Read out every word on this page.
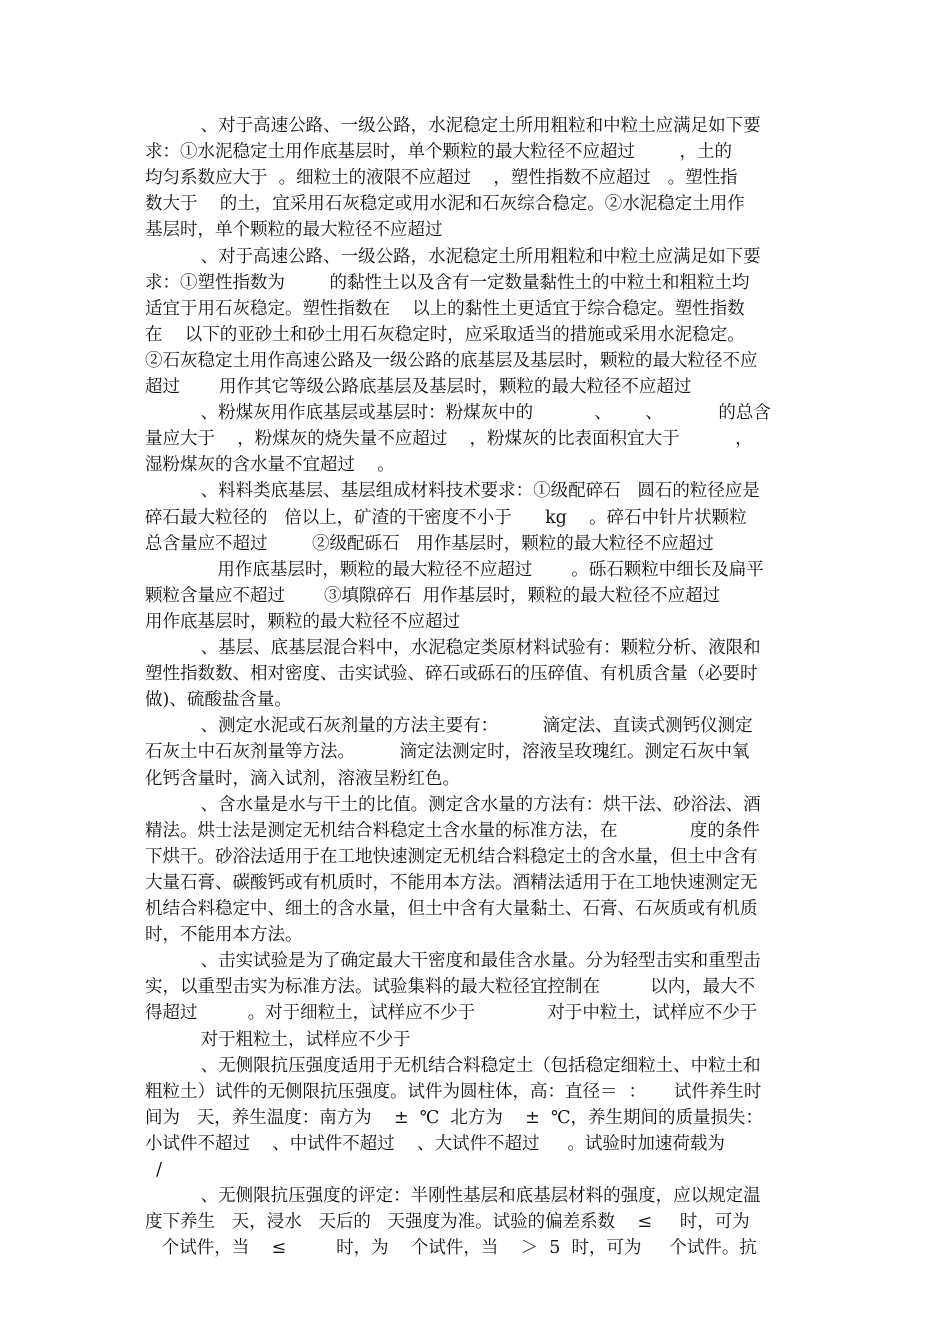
、对于高速公路、一级公路，水泥稳定土所用粗粒和中粒土应满足如下要
求：①水泥稳定土用作底基层时，单个颗粒的最大粒径不应超过        ，土的
均匀系数应大于  。细粒土的液限不应超过    ，塑性指数不应超过   。塑性指
数大于    的土，宜采用石灰稳定或用水泥和石灰综合稳定。②水泥稳定土用作
基层时，单个颗粒的最大粒径不应超过
、对于高速公路、一级公路，水泥稳定土所用粗粒和中粒土应满足如下要
求：①塑性指数为        的黏性土以及含有一定数量黏性土的中粒土和粗粒土均
适宜于用石灰稳定。塑性指数在    以上的黏性土更适宜于综合稳定。塑性指数
在    以下的亚砂土和砂土用石灰稳定时，应采取适当的措施或采用水泥稳定。
②石灰稳定土用作高速公路及一级公路的底基层及基层时，颗粒的最大粒径不应
超过       用作其它等级公路底基层及基层时，颗粒的最大粒径不应超过
、粉煤灰用作底基层或基层时：粉煤灰中的           、      、          的总含
量应大于    ，粉煤灰的烧失量不应超过    ，粉煤灰的比表面积宜大于          ，
湿粉煤灰的含水量不宜超过    。
、料料类底基层、基层组成材料技术要求：①级配碎石   圆石的粒径应是
碎石最大粒径的   倍以上，矿渣的干密度不小于      kg    。碎石中针片状颗粒
总含量应不超过        ②级配砾石   用作基层时，颗粒的最大粒径不应超过
用作底基层时，颗粒的最大粒径不应超过       。砾石颗粒中细长及扁平
颗粒含量应不超过       ③填隙碎石  用作基层时，颗粒的最大粒径不应超过
用作底基层时，颗粒的最大粒径不应超过
、基层、底基层混合料中，水泥稳定类原材料试验有：颗粒分析、液限和
塑性指数数、相对密度、击实试验、碎石或砾石的压碎值、有机质含量（必要时
做)、硫酸盐含量。
、测定水泥或石灰剂量的方法主要有：        滴定法、直读式测钙仪测定
石灰土中石灰剂量等方法。        滴定法测定时，溶液呈玫瑰红。测定石灰中氧
化钙含量时，滴入试剂，溶液呈粉红色。
、含水量是水与干土的比值。测定含水量的方法有：烘干法、砂浴法、酒
精法。烘士法是测定无机结合料稳定土含水量的标准方法，在             度的条件
下烘干。砂浴法适用于在工地快速测定无机结合料稳定土的含水量，但土中含有
大量石膏、碳酸钙或有机质时，不能用本方法。酒精法适用于在工地快速测定无
机结合料稳定中、细土的含水量，但土中含有大量黏土、石膏、石灰质或有机质
时，不能用本方法。
、击实试验是为了确定最大干密度和最佳含水量。分为轻型击实和重型击
实，以重型击实为标准方法。试验集料的最大粒径宜控制在         以内，最大不
得超过         。对于细粒土，试样应不少于             对于中粒土，试样应不少于
对于粗粒土，试样应不少于
、无侧限抗压强度适用于无机结合料稳定土（包括稳定细粒土、中粒土和
粗粒土）试件的无侧限抗压强度。试件为圆柱体，高：直径＝  ：     试件养生时
间为   天，养生温度：南方为    ±  ℃  北方为    ±  ℃，养生期间的质量损失：
小试件不超过    、中试件不超过    、大试件不超过     。试验时加速荷载为
/
、无侧限抗压强度的评定：半刚性基层和底基层材料的强度，应以规定温
度下养生   天，浸水   天后的   天强度为准。试验的偏差系数    ≤     时，可为
个试件，当    ≤         时，为    个试件，当    ＞  5  时，可为     个试件。抗
